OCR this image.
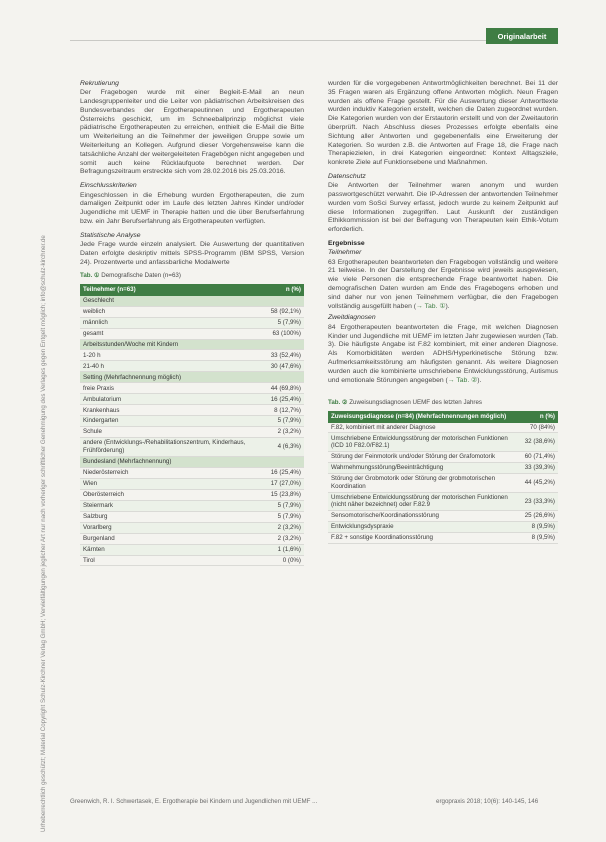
Urheberrechtlich geschützt; Material Copyright Schulz-Kirchner Verlag GmbH; Vervielfältigungen jeglicher Art nur nach vorheriger schriftlicher Genehmigung des Verlages gegen Entgelt möglich; info@schulz-kirchner.de
Originalarbeit
Rekrutierung
Der Fragebogen wurde mit einer Begleit-E-Mail an neun Landesgruppenleiter und die Leiter von pädiatrischen Arbeitskreisen des Bundesverbandes der Ergotherapeutinnen und Ergotherapeuten Österreichs geschickt, um im Schneeballprinzip möglichst viele pädiatrische Ergotherapeuten zu erreichen, enthielt die E-Mail die Bitte um Weiterleitung an die Teilnehmer der jeweiligen Gruppe sowie um Weiterleitung an Kollegen. Aufgrund dieser Vorgehensweise kann die tatsächliche Anzahl der weitergeleiteten Fragebögen nicht angegeben und somit auch keine Rücklaufquote berechnet werden. Der Befragungszeitraum erstreckte sich vom 28.02.2016 bis 25.03.2016.
Einschlusskriterien
Eingeschlossen in die Erhebung wurden Ergotherapeuten, die zum damaligen Zeitpunkt oder im Laufe des letzten Jahres Kinder und/oder Jugendliche mit UEMF in Therapie hatten und die über Berufserfahrung bzw. ein Jahr Berufserfahrung als Ergotherapeuten verfügten.
Statistische Analyse
Jede Frage wurde einzeln analysiert. Die Auswertung der quantitativen Daten erfolgte deskriptiv mittels SPSS-Programm (IBM SPSS, Version 24). Prozentwerte und anfassbarliche Modalwerte
Tab. ① Demografische Daten (n=63)
Teilnehmer (n=63)	n (%)
Geschlecht	
weiblich	58 (92,1%)
männlich	5 (7,9%)
gesamt	63 (100%)
Arbeitsstunden/Woche mit Kindern	
1-20 h	33 (52,4%)
21-40 h	30 (47,6%)
Setting (Mehrfachnennung möglich)	
freie Praxis	44 (69,8%)
Ambulatorium	16 (25,4%)
Krankenhaus	8 (12,7%)
Kindergarten	5 (7,9%)
Schule	2 (3,2%)
andere (Entwicklungs-/Rehabilitationszentrum, Kinderhaus, Frühförderung)	4 (6,3%)
Bundesland (Mehrfachnennung)	
Niederösterreich	16 (25,4%)
Wien	17 (27,0%)
Oberösterreich	15 (23,8%)
Steiermark	5 (7,9%)
Salzburg	5 (7,9%)
Vorarlberg	2 (3,2%)
Burgenland	2 (3,2%)
Kärnten	1 (1,6%)
Tirol	0 (0%)
wurden für die vorgegebenen Antwortmöglichkeiten berechnet. Bei 11 der 35 Fragen waren als Ergänzung offene Antworten möglich. Neun Fragen wurden als offene Frage gestellt. Für die Auswertung dieser Antworttexte wurden induktiv Kategorien erstellt, welchen die Daten zugeordnet wurden. Die Kategorien wurden von der Erstautorin erstellt und von der Zweitautorin überprüft. Nach Abschluss dieses Prozesses erfolgte ebenfalls eine Sichtung aller Antworten und gegebenenfalls eine Erweiterung der Kategorien. So wurden z.B. die Antworten auf Frage 18, die Frage nach Therapiezielen, in drei Kategorien eingeordnet: Kontext Alltagsziele, konkrete Ziele auf Funktionsebene und Maßnahmen.
Datenschutz
Die Antworten der Teilnehmer waren anonym und wurden passwortgeschützt verwahrt. Die IP-Adressen der antwortenden Teilnehmer wurden vom SoSci Survey erfasst, jedoch wurde zu keinem Zeitpunkt auf diese Informationen zugegriffen. Laut Auskunft der zuständigen Ethikkommission ist bei der Befragung von Therapeuten kein Ethik-Votum erforderlich.
Ergebnisse
Teilnehmer
63 Ergotherapeuten beantworteten den Fragebogen vollständig und weitere 21 teilweise. In der Darstellung der Ergebnisse wird jeweils ausgewiesen, wie viele Personen die entsprechende Frage beantwortet haben. Die demografischen Daten wurden am Ende des Fragebogens erhoben und sind daher nur von jenen Teilnehmern verfügbar, die den Fragebogen vollständig ausgefüllt haben (→ Tab. ①).
Zweitdiagnosen
84 Ergotherapeuten beantworteten die Frage, mit welchen Diagnosen Kinder und Jugendliche mit UEMF im letzten Jahr zugewiesen wurden (Tab. 3). Die häufigste Angabe ist F.82 kombiniert, mit einer anderen Diagnose. Als Komorbiditäten werden ADHS/Hyperkinetische Störung bzw. Aufmerksamkeitsstörung am häufigsten genannt. Als weitere Diagnosen wurden auch die kombinierte umschriebene Entwicklungsstörung, Autismus und emotionale Störungen angegeben (→ Tab. ②).
Tab. ② Zuweisungsdiagnosen UEMF des letzten Jahres
Zuweisungsdiagnose (n=84) (Mehrfachnennungen möglich)	n (%)
F.82, kombiniert mit anderer Diagnose	70 (84%)
Umschriebene Entwicklungsstörung der motorischen Funktionen (ICD 10 F82.0/F82.1)	32 (38,6%)
Störung der Feinmotorik und/oder Störung der Grafomotorik	60 (71,4%)
Wahrnehmungsstörung/Beeinträchtigung	33 (39,3%)
Störung der Grobmotorik oder Störung der grobmotorischen Koordination	44 (45,2%)
Umschriebene Entwicklungsstörung der motorischen Funktionen (nicht näher bezeichnet) oder F.82.9	23 (33,3%)
Sensomotorische/Koordinationsstörung	25 (26,6%)
Entwicklungsdyspraxie	8 (9,5%)
F.82 + sonstige Koordinationsstörung	8 (9,5%)
Greenwich, R. I. Schwertasek, E. Ergotherapie bei Kindern und Jugendlichen mit UEMF ...	ergopraxis 2018; 10(6): 140-145, 146
